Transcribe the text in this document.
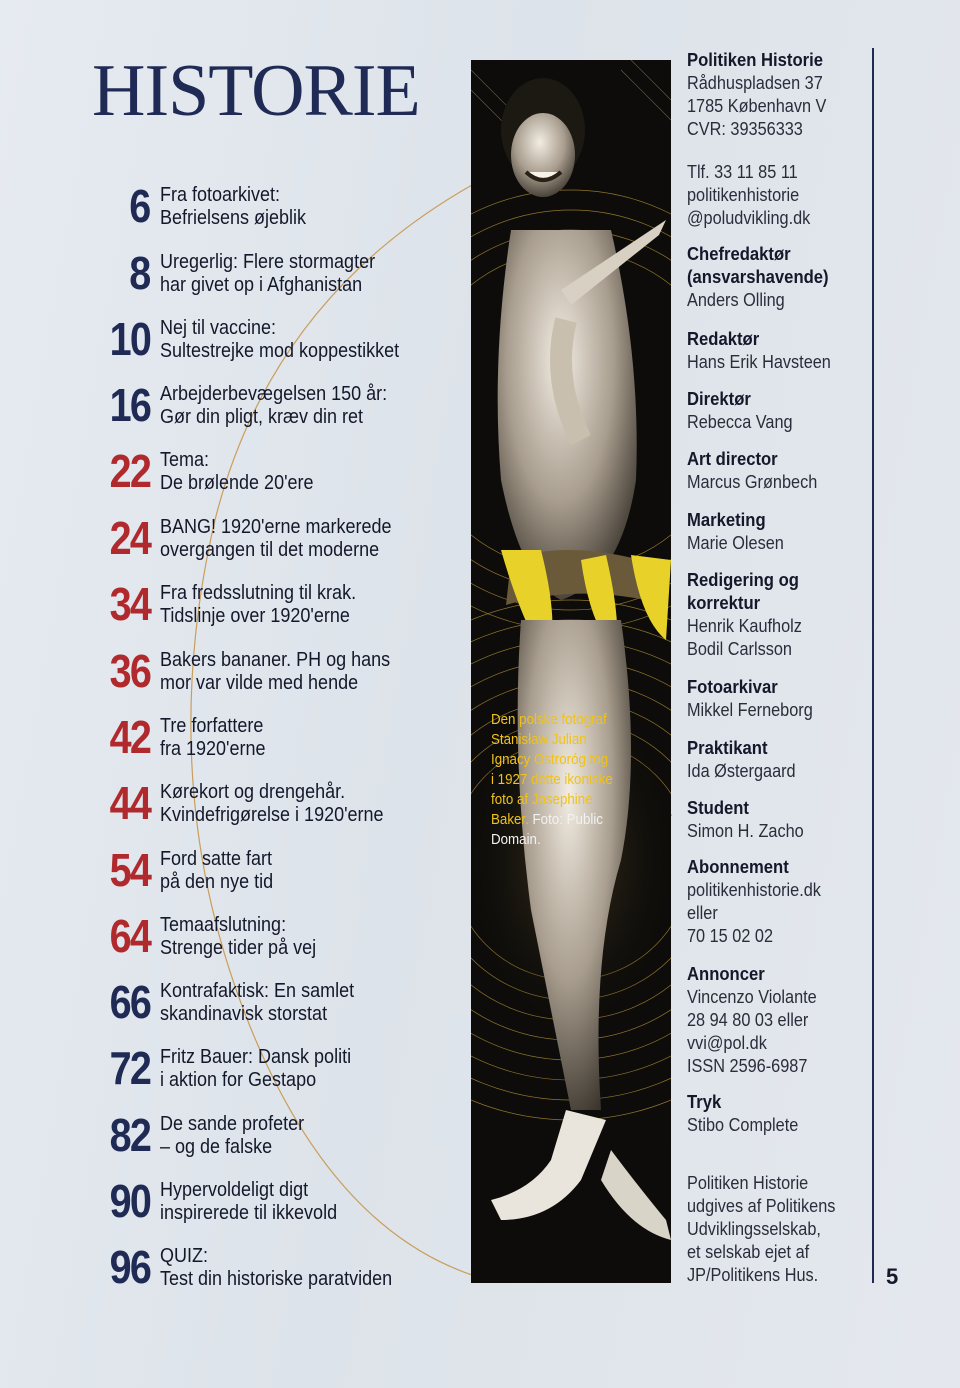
HISTORIE
6 Fra fotoarkivet:
Befrielsens øjeblik
8 Uregerlig: Flere stormagter
har givet op i Afghanistan
10 Nej til vaccine:
Sultestrejke mod koppestikket
16 Arbejderbevægelsen 150 år:
Gør din pligt, kræv din ret
22 Tema:
De brølende 20'ere
24 BANG! 1920'erne markerede
overgangen til det moderne
34 Fra fredsslutning til krak.
Tidslinje over 1920'erne
36 Bakers bananer. PH og hans
mor var vilde med hende
42 Tre forfattere
fra 1920'erne
44 Kørekort og drengehår.
Kvindefrigørelse i 1920'erne
54 Ford satte fart
på den nye tid
64 Temaafslutning:
Strenge tider på vej
66 Kontrafaktisk: En samlet
skandinavisk storstat
72 Fritz Bauer: Dansk politi
i aktion for Gestapo
82 De sande profeter
– og de falske
90 Hypervoldeligt digt
inspirerede til ikkevold
96 QUIZ:
Test din historiske paratviden
Den polske fotograf
Stanisław Julian
Ignacy Ostroróg tog
i 1927 dette ikoniske
foto af Josephine
Baker. Foto: Public
Domain.
Politiken Historie
Rådhuspladsen 37
1785 København V
CVR: 39356333
Tlf. 33 11 85 11
politikenhistorie
@poludvikling.dk
Chefredaktør
(ansvarshavende)
Anders Olling
Redaktør
Hans Erik Havsteen
Direktør
Rebecca Vang
Art director
Marcus Grønbech
Marketing
Marie Olesen
Redigering og
korrektur
Henrik Kaufholz
Bodil Carlsson
Fotoarkivar
Mikkel Ferneborg
Praktikant
Ida Østergaard
Student
Simon H. Zacho
Abonnement
politikenhistorie.dk
eller
70 15 02 02
Annoncer
Vincenzo Violante
28 94 80 03 eller
vvi@pol.dk
ISSN 2596-6987
Tryk
Stibo Complete
Politiken Historie
udgives af Politikens
Udviklingsselskab,
et selskab ejet af
JP/Politikens Hus.	5
